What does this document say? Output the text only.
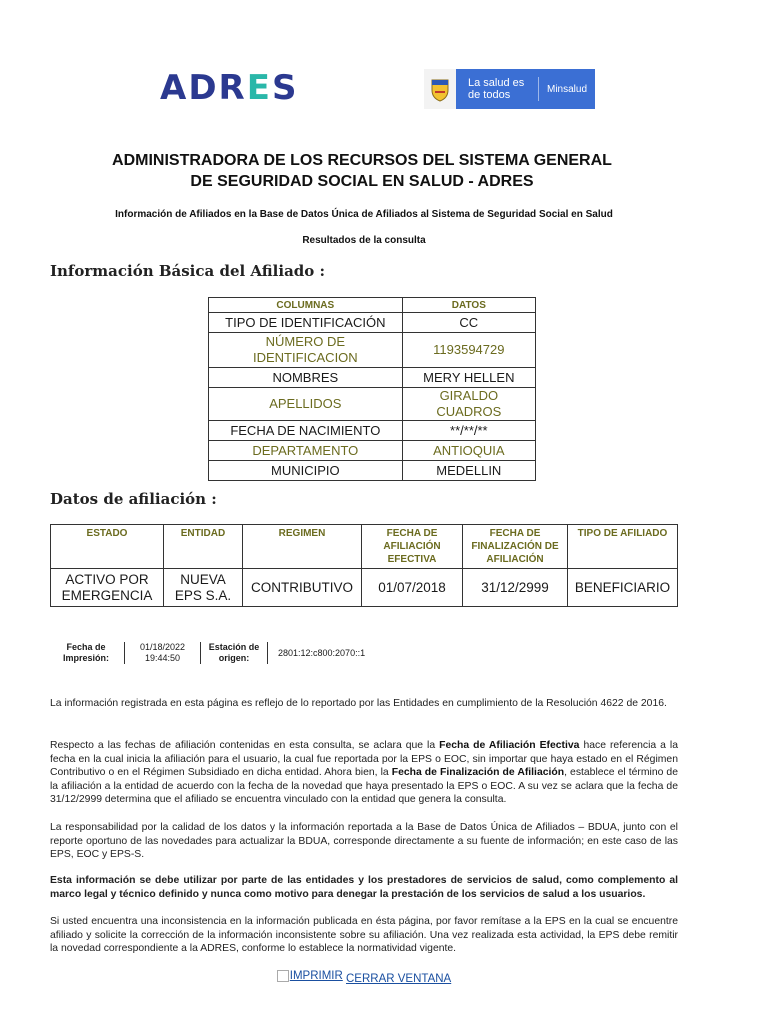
ADRES	La salud es de todos	Minsalud
ADMINISTRADORA DE LOS RECURSOS DEL SISTEMA GENERAL
DE SEGURIDAD SOCIAL EN SALUD - ADRES
Información de Afiliados en la Base de Datos Única de Afiliados al Sistema de Seguridad Social en Salud
Resultados de la consulta
Información Básica del Afiliado :
COLUMNAS	DATOS
TIPO DE IDENTIFICACIÓN	CC
NÚMERO DE IDENTIFICACION	1193594729
NOMBRES	MERY HELLEN
APELLIDOS	GIRALDO CUADROS
FECHA DE NACIMIENTO	**/**/**
DEPARTAMENTO	ANTIOQUIA
MUNICIPIO	MEDELLIN
Datos de afiliación :
ESTADO	ENTIDAD	REGIMEN	FECHA DE AFILIACIÓN EFECTIVA	FECHA DE FINALIZACIÓN DE AFILIACIÓN	TIPO DE AFILIADO
ACTIVO POR EMERGENCIA	NUEVA EPS S.A.	CONTRIBUTIVO	01/07/2018	31/12/2999	BENEFICIARIO
Fecha de Impresión:
01/18/2022
19:44:50
Estación de origen:	2801:12:c800:2070::1
La información registrada en esta página es reflejo de lo reportado por las Entidades en cumplimiento de la Resolución 4622 de 2016.
Respecto a las fechas de afiliación contenidas en esta consulta, se aclara que la Fecha de Afiliación Efectiva hace referencia a la fecha en la cual inicia la afiliación para el usuario, la cual fue reportada por la EPS o EOC, sin importar que haya estado en el Régimen Contributivo o en el Régimen Subsidiado en dicha entidad. Ahora bien, la Fecha de Finalización de Afiliación, establece el término de la afiliación a la entidad de acuerdo con la fecha de la novedad que haya presentado la EPS o EOC. A su vez se aclara que la fecha de 31/12/2999 determina que el afiliado se encuentra vinculado con la entidad que genera la consulta.
La responsabilidad por la calidad de los datos y la información reportada a la Base de Datos Única de Afiliados – BDUA, junto con el reporte oportuno de las novedades para actualizar la BDUA, corresponde directamente a su fuente de información; en este caso de las EPS, EOC y EPS-S.
Esta información se debe utilizar por parte de las entidades y los prestadores de servicios de salud, como complemento al marco legal y técnico definido y nunca como motivo para denegar la prestación de los servicios de salud a los usuarios.
Si usted encuentra una inconsistencia en la información publicada en ésta página, por favor remítase a la EPS en la cual se encuentre afiliado y solicite la corrección de la información inconsistente sobre su afiliación. Una vez realizada esta actividad, la EPS debe remitir la novedad correspondiente a la ADRES, conforme lo establece la normatividad vigente.
IMPRIMIR CERRAR VENTANA
